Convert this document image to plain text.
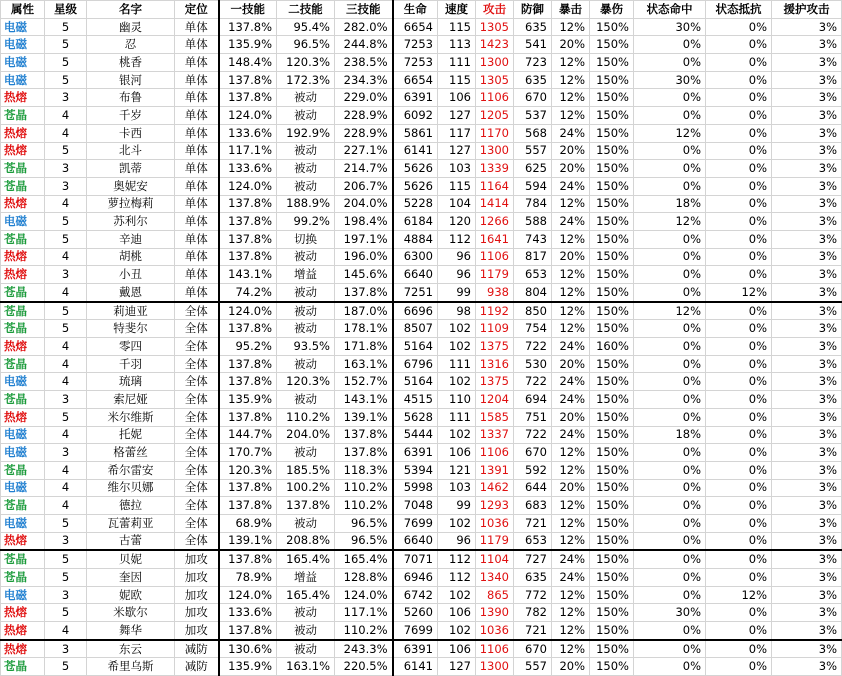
属性	星级	名字	定位	一技能	二技能	三技能	生命	速度	攻击	防御	暴击	暴伤	状态命中	状态抵抗	援护攻击
电磁	5	幽灵	单体	137.8%	95.4%	282.0%	6654	115	1305	635	12%	150%	30%	0%	3%
电磁	5	忍	单体	135.9%	96.5%	244.8%	7253	113	1423	541	20%	150%	0%	0%	3%
电磁	5	桃香	单体	148.4%	120.3%	238.5%	7253	111	1300	723	12%	150%	0%	0%	3%
电磁	5	银河	单体	137.8%	172.3%	234.3%	6654	115	1305	635	12%	150%	30%	0%	3%
热熔	3	布鲁	单体	137.8%	被动	229.0%	6391	106	1106	670	12%	150%	0%	0%	3%
苍晶	4	千岁	单体	124.0%	被动	228.9%	6092	127	1205	537	12%	150%	0%	0%	3%
热熔	4	卡西	单体	133.6%	192.9%	228.9%	5861	117	1170	568	24%	150%	12%	0%	3%
热熔	5	北斗	单体	117.1%	被动	227.1%	6141	127	1300	557	20%	150%	0%	0%	3%
苍晶	3	凯蒂	单体	133.6%	被动	214.7%	5626	103	1339	625	20%	150%	0%	0%	3%
苍晶	3	奥妮安	单体	124.0%	被动	206.7%	5626	115	1164	594	24%	150%	0%	0%	3%
热熔	4	萝拉梅莉	单体	137.8%	188.9%	204.0%	5228	104	1414	784	12%	150%	18%	0%	3%
电磁	5	苏利尔	单体	137.8%	99.2%	198.4%	6184	120	1266	588	24%	150%	12%	0%	3%
苍晶	5	辛迪	单体	137.8%	切换	197.1%	4884	112	1641	743	12%	150%	0%	0%	3%
热熔	4	胡桃	单体	137.8%	被动	196.0%	6300	96	1106	817	20%	150%	0%	0%	3%
热熔	3	小丑	单体	143.1%	增益	145.6%	6640	96	1179	653	12%	150%	0%	0%	3%
苍晶	4	戴恩	单体	74.2%	被动	137.8%	7251	99	938	804	12%	150%	0%	12%	3%
苍晶	5	莉迪亚	全体	124.0%	被动	187.0%	6696	98	1192	850	12%	150%	12%	0%	3%
苍晶	5	特斐尔	全体	137.8%	被动	178.1%	8507	102	1109	754	12%	150%	0%	0%	3%
热熔	4	零四	全体	95.2%	93.5%	171.8%	5164	102	1375	722	24%	160%	0%	0%	3%
苍晶	4	千羽	全体	137.8%	被动	163.1%	6796	111	1316	530	20%	150%	0%	0%	3%
电磁	4	琉璃	全体	137.8%	120.3%	152.7%	5164	102	1375	722	24%	150%	0%	0%	3%
苍晶	3	索尼娅	全体	135.9%	被动	143.1%	4515	110	1204	694	24%	150%	0%	0%	3%
热熔	5	米尔维斯	全体	137.8%	110.2%	139.1%	5628	111	1585	751	20%	150%	0%	0%	3%
电磁	4	托妮	全体	144.7%	204.0%	137.8%	5444	102	1337	722	24%	150%	18%	0%	3%
电磁	3	格蕾丝	全体	170.7%	被动	137.8%	6391	106	1106	670	12%	150%	0%	0%	3%
苍晶	4	希尔雷安	全体	120.3%	185.5%	118.3%	5394	121	1391	592	12%	150%	0%	0%	3%
电磁	4	维尔贝娜	全体	137.8%	100.2%	110.2%	5998	103	1462	644	20%	150%	0%	0%	3%
苍晶	4	德拉	全体	137.8%	137.8%	110.2%	7048	99	1293	683	12%	150%	0%	0%	3%
电磁	5	瓦蕾莉亚	全体	68.9%	被动	96.5%	7699	102	1036	721	12%	150%	0%	0%	3%
热熔	3	古蕾	全体	139.1%	208.8%	96.5%	6640	96	1179	653	12%	150%	0%	0%	3%
苍晶	5	贝妮	加攻	137.8%	165.4%	165.4%	7071	112	1104	727	24%	150%	0%	0%	3%
苍晶	5	奎因	加攻	78.9%	增益	128.8%	6946	112	1340	635	24%	150%	0%	0%	3%
电磁	3	妮欧	加攻	124.0%	165.4%	124.0%	6742	102	865	772	12%	150%	0%	12%	3%
热熔	5	米歇尔	加攻	133.6%	被动	117.1%	5260	106	1390	782	12%	150%	30%	0%	3%
热熔	4	舞华	加攻	137.8%	被动	110.2%	7699	102	1036	721	12%	150%	0%	0%	3%
热熔	3	东云	减防	130.6%	被动	243.3%	6391	106	1106	670	12%	150%	0%	0%	3%
苍晶	5	希里乌斯	减防	135.9%	163.1%	220.5%	6141	127	1300	557	20%	150%	0%	0%	3%
